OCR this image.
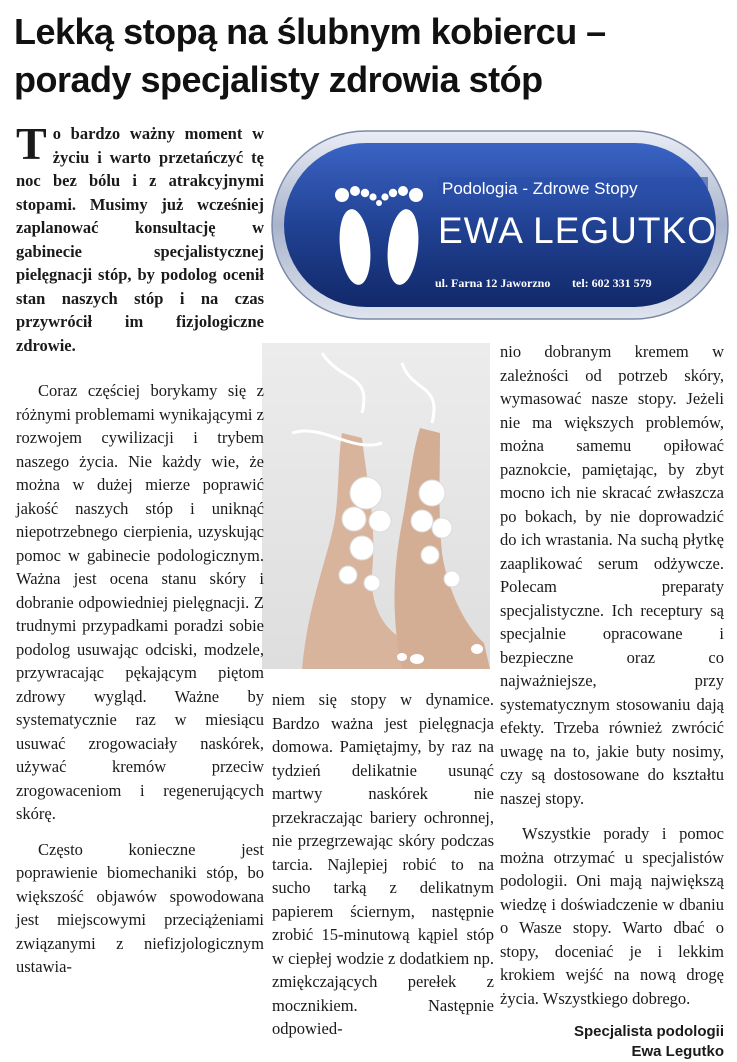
Lekką stopą na ślubnym kobiercu – porady specjalisty zdrowia stóp
Podologia - Zdrowe Stopy
EWA LEGUTKO
ul. Farna 12 Jaworzno tel: 602 331 579

To bardzo ważny moment w życiu i warto przetańczyć tę noc bez bólu i z atrakcyjnymi stopami. Musimy już wcześniej zaplanować konsultację w gabinecie specjalistycznej pielęgnacji stóp, by podolog ocenił stan naszych stóp i na czas przywrócił im fizjologiczne zdrowie.

Coraz częściej borykamy się z różnymi problemami wynikającymi z rozwojem cywilizacji i trybem naszego życia. Nie każdy wie, że można w dużej mierze poprawić jakość naszych stóp i uniknąć niepotrzebnego cierpienia, uzyskując pomoc w gabinecie podologicznym. Ważna jest ocena stanu skóry i dobranie odpowiedniej pielęgnacji. Z trudnymi przypadkami poradzi sobie podolog usuwając odciski, modzele, przywracając pękającym piętom zdrowy wygląd. Ważne by systematycznie raz w miesiącu usuwać zrogowaciały naskórek, używać kremów przeciw zrogowaceniom i regenerujących skórę.

Często konieczne jest poprawienie biomechaniki stóp, bo większość objawów spowodowana jest miejscowymi przeciążeniami związanymi z niefizjologicznym ustawia-

niem się stopy w dynamice. Bardzo ważna jest pielęgnacja domowa. Pamiętajmy, by raz na tydzień delikatnie usunąć martwy naskórek nie przekraczając bariery ochronnej, nie przegrzewając skóry podczas tarcia. Najlepiej robić to na sucho tarką z delikatnym papierem ściernym, następnie zrobić 15-minutową kąpiel stóp w ciepłej wodzie z dodatkiem np. zmiękczających perełek z mocznikiem. Następnie odpowied-

nio dobranym kremem w zależności od potrzeb skóry, wymasować nasze stopy. Jeżeli nie ma większych problemów, można samemu opiłować paznokcie, pamiętając, by zbyt mocno ich nie skracać zwłaszcza po bokach, by nie doprowadzić do ich wrastania. Na suchą płytkę zaaplikować serum odżywcze. Polecam preparaty specjalistyczne. Ich receptury są specjalnie opracowane i bezpieczne oraz co najważniejsze, przy systematycznym stosowaniu dają efekty. Trzeba również zwrócić uwagę na to, jakie buty nosimy, czy są dostosowane do kształtu naszej stopy.

Wszystkie porady i pomoc można otrzymać u specjalistów podologii. Oni mają największą wiedzę i doświadczenie w dbaniu o Wasze stopy. Warto dbać o stopy, doceniać je i lekkim krokiem wejść na nową drogę życia. Wszystkiego dobrego.

Specjalista podologii
Ewa Legutko
